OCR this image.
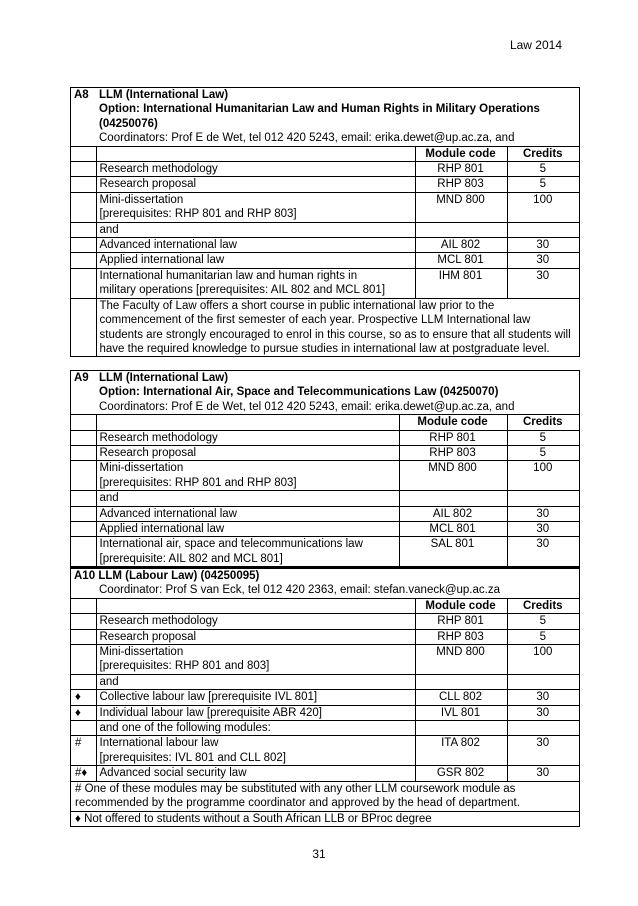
Law 2014
A8	LLM (International Law)		
	Option: International Humanitarian Law and Human Rights in Military Operations (04250076)		
	Coordinators: Prof E de Wet, tel 012 420 5243, email: erika.dewet@up.ac.za, and		
		Module code	Credits

	Research methodology	RHP 801	5

	Research proposal	RHP 803	5

	Mini-dissertation
[prerequisites: RHP 801 and RHP 803]	MND 800	100

	and		

	Advanced international law	AIL 802	30

	Applied international law	MCL 801	30

	International humanitarian law and human rights in
military operations [prerequisites: AIL 802 and MCL 801]	IHM 801	30
	The Faculty of Law offers a short course in public international law prior to the commencement of the first semester of each year. Prospective LLM International law students are strongly encouraged to enrol in this course, so as to ensure that all students will have the required knowledge to pursue studies in international law at postgraduate level.		
A9	LLM (International Law)		
	Option: International Air, Space and Telecommunications Law (04250070)		
	Coordinators: Prof E de Wet, tel 012 420 5243, email: erika.dewet@up.ac.za, and		
		Module code	Credits

	Research methodology	RHP 801	5

	Research proposal	RHP 803	5

	Mini-dissertation
[prerequisites: RHP 801 and RHP 803]	MND 800	100

	and		

	Advanced international law	AIL 802	30

	Applied international law	MCL 801	30

	International air, space and telecommunications law
[prerequisite: AIL 802 and MCL 801]	SAL 801	30
A10 LLM (Labour Law) (04250095)			
	Coordinator: Prof S van Eck, tel 012 420 2363, email: stefan.vaneck@up.ac.za		
		Module code	Credits

	Research methodology	RHP 801	5

	Research proposal	RHP 803	5

	Mini-dissertation
[prerequisites: RHP 801 and 803]	MND 800	100

	and		

♦	Collective labour law [prerequisite IVL 801]	CLL 802	30
♦	Individual labour law [prerequisite ABR 420]	IVL 801	30

	and one of the following modules:		

#	International labour law
[prerequisites: IVL 801 and CLL 802]	ITA 802	30
#♦	Advanced social security law	GSR 802	30
# One of these modules may be substituted with any other LLM coursework module as recommended by the programme coordinator and approved by the head of department.			
♦ Not offered to students without a South African LLB or BProc degree			
31
